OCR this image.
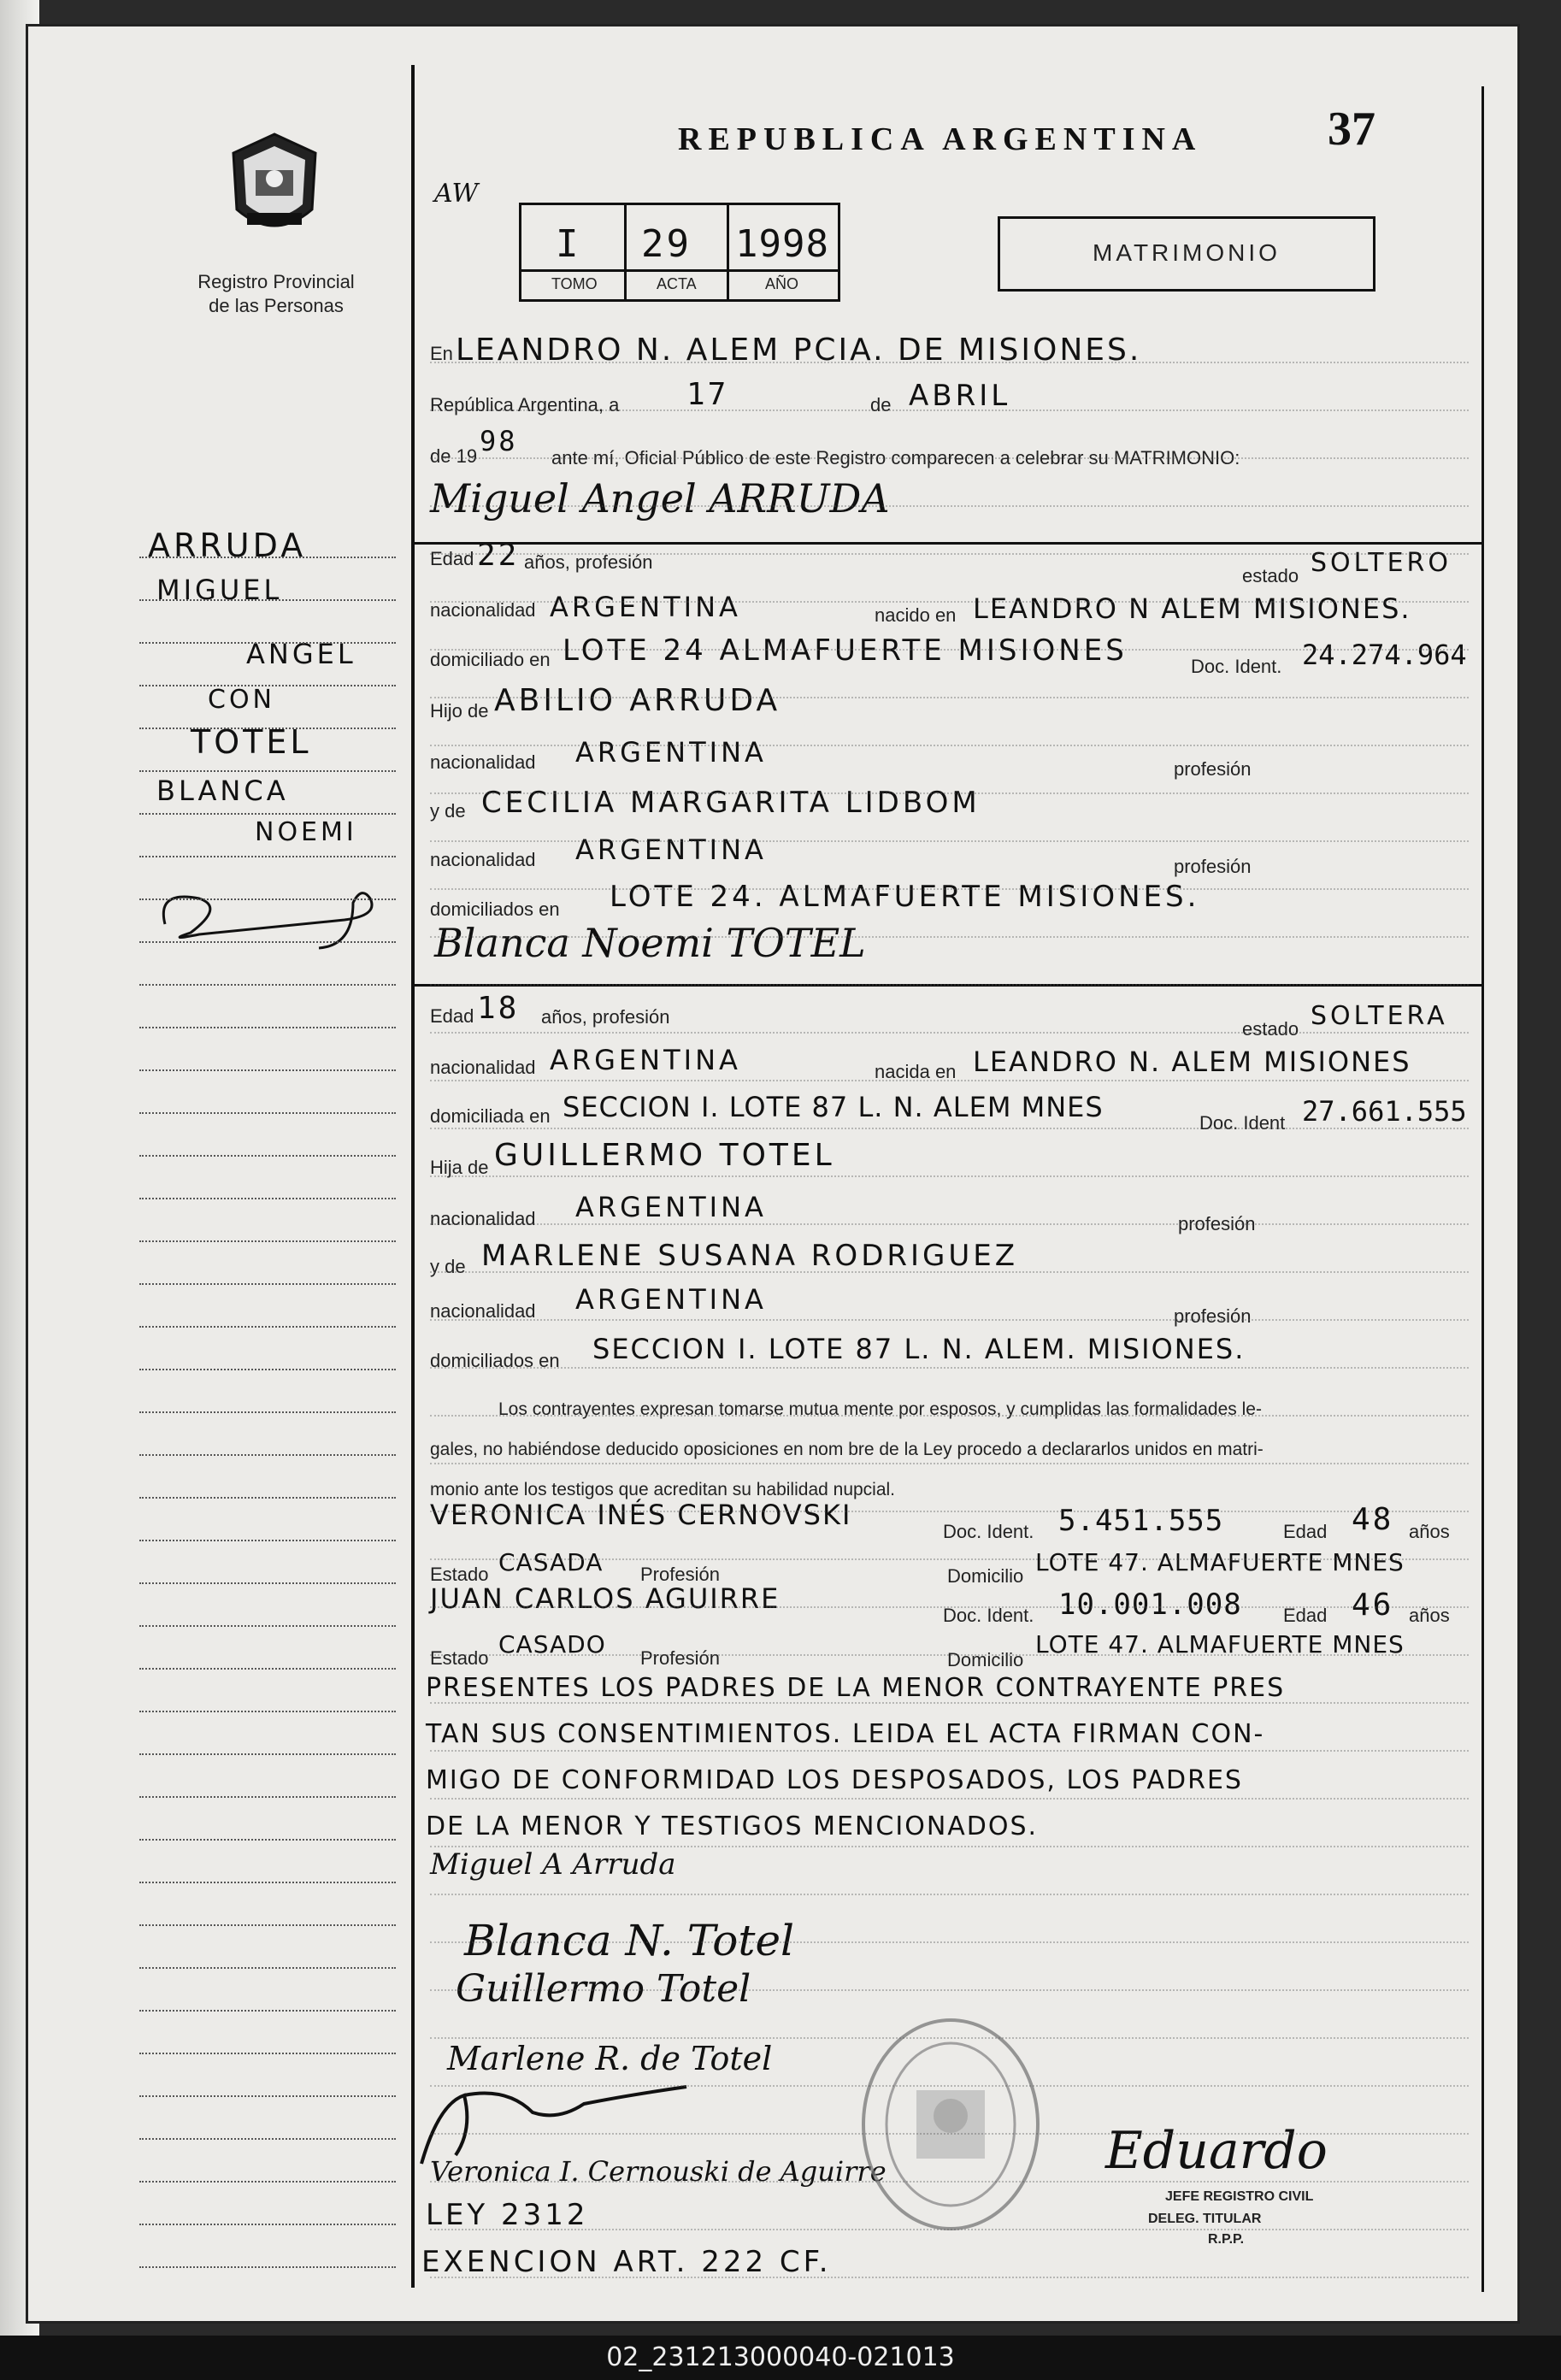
Registro Provincial
de las Personas
ARRUDA
MIGUEL
ANGEL
CON
TOTEL
BLANCA
NOEMI
REPUBLICA ARGENTINA	37
AW
I 29 1998
TOMO	ACTA	AÑO
MATRIMONIO
En LEANDRO N. ALEM PCIA. DE MISIONES.
República Argentina, a 17	de ABRIL
de 19 98
ante mí, Oficial Público de este Registro comparecen a celebrar su MATRIMONIO:
Miguel Angel ARRUDA
Edad 22 años, profesión
estado SOLTERO
nacionalidad ARGENTINA	nacido en LEANDRO N ALEM MISIONES.
domiciliado en LOTE 24 ALMAFUERTE MISIONES	Doc. Ident. 24.274.964
Hijo de ABILIO ARRUDA
nacionalidad ARGENTINA
profesión
y de CECILIA MARGARITA LIDBOM
nacionalidad ARGENTINA
profesión
domiciliados en LOTE 24. ALMAFUERTE MISIONES.
Blanca Noemi TOTEL
Edad 18 años, profesión
estado SOLTERA
nacionalidad ARGENTINA	nacida en LEANDRO N. ALEM MISIONES
domiciliada en SECCION I. LOTE 87 L. N. ALEM MNES	Doc. Ident 27.661.555
Hija de GUILLERMO TOTEL
nacionalidad ARGENTINA
profesión
y de MARLENE SUSANA RODRIGUEZ
nacionalidad ARGENTINA
profesión
domiciliados en SECCION I. LOTE 87 L. N. ALEM. MISIONES.
Los contrayentes expresan tomarse mutua mente por esposos, y cumplidas las formalidades le-
gales, no habiéndose deducido oposiciones en nom bre de la Ley procedo a declararlos unidos en matri-
monio ante los testigos que acreditan su habilidad nupcial.
VERONICA INÉS CERNOVSKI
Doc. Ident. 5.451.555	Edad 48 años
Estado CASADA Profesión	Domicilio LOTE 47. ALMAFUERTE MNES
JUAN CARLOS AGUIRRE
Doc. Ident. 10.001.008 Edad 46 años
Estado CASADO Profesión	Domicilio
LOTE 47. ALMAFUERTE MNES
PRESENTES LOS PADRES DE LA MENOR CONTRAYENTE PRES
TAN SUS CONSENTIMIENTOS. LEIDA EL ACTA FIRMAN CON-
MIGO DE CONFORMIDAD LOS DESPOSADOS, LOS PADRES
DE LA MENOR Y TESTIGOS MENCIONADOS.
Miguel A Arruda
Blanca N. Totel
Guillermo Totel
Marlene R. de Totel
Veronica I. Cernouski de Aguirre
LEY 2312
EXENCION ART. 222 CF.
Eduardo
JEFE REGISTRO CIVIL
DELEG. TITULAR
R.P.P.
02_231213000040-021013
